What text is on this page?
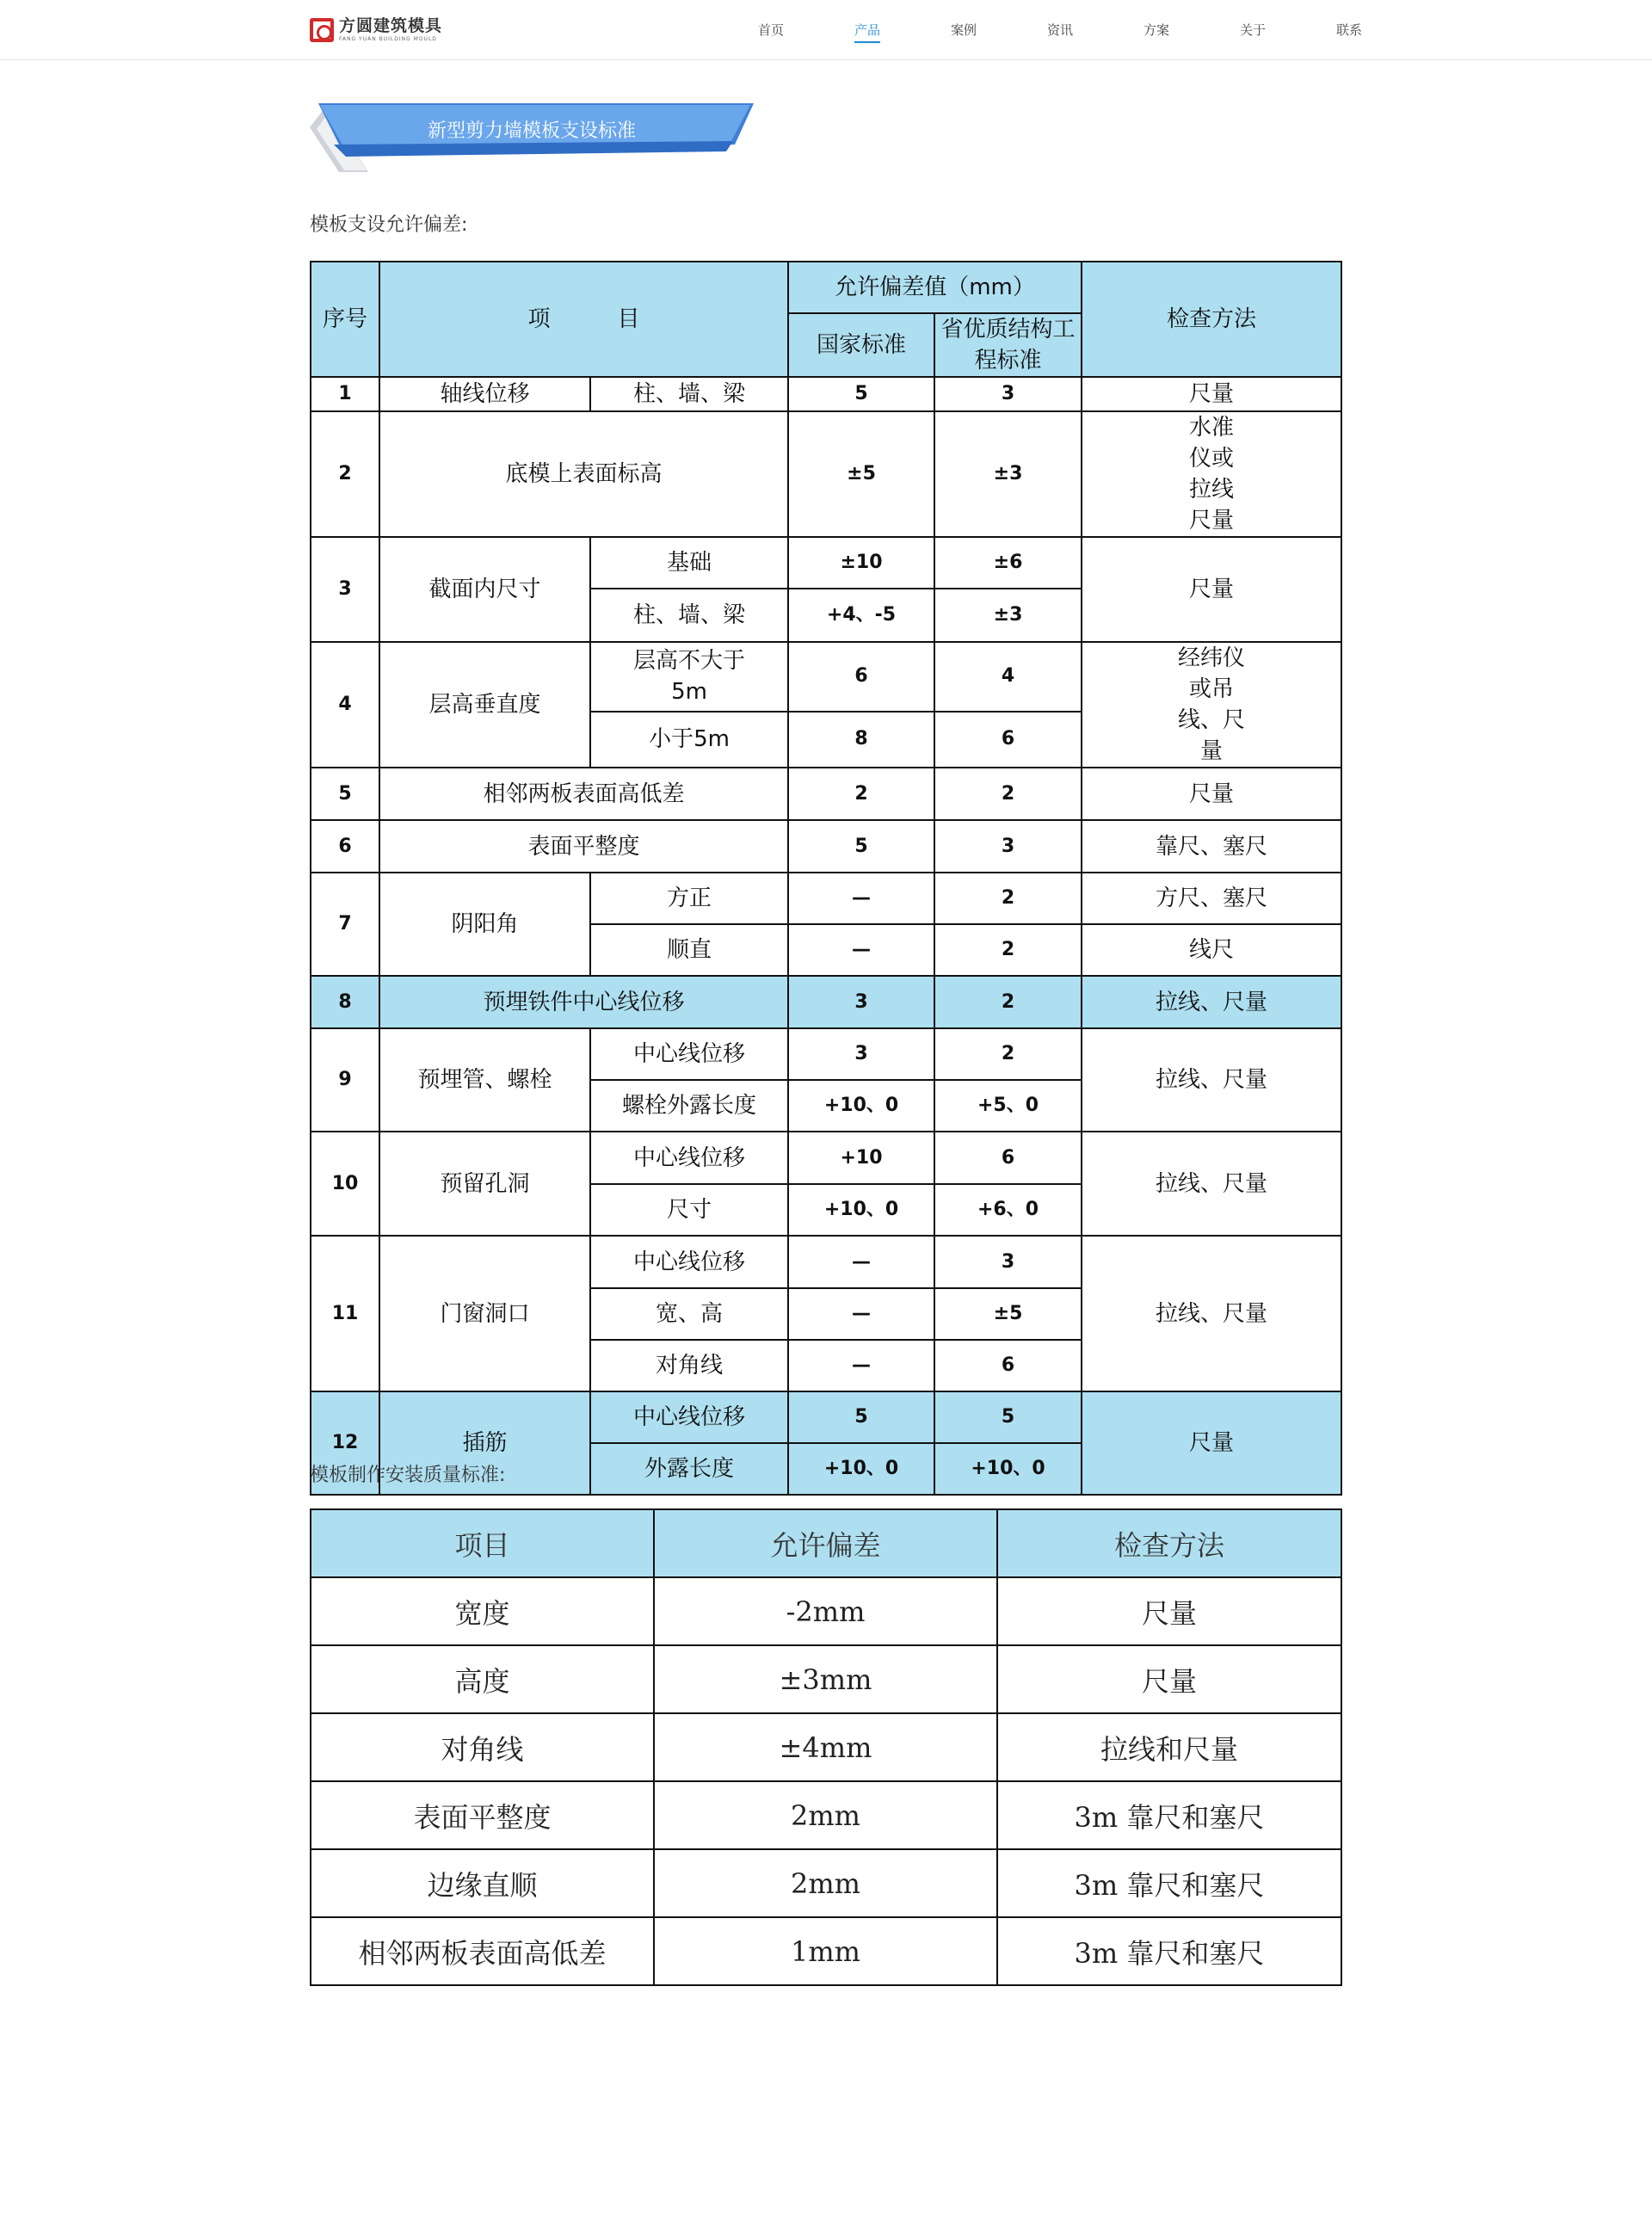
方圆建筑模具
FANG YUAN BUILDING MOULD
首页	产品	案例	资讯	方案	关于	联系
新型剪力墙模板支设标准
模板支设允许偏差:
序号	项　　　目		允许偏差值（mm）		检查方法
			国家标准	省优质结构工程标准	
1	轴线位移	柱、墙、梁	5	3	尺量
2	底模上表面标高		±5	±3	水准仪或拉线尺量
3	截面内尺寸	基础	±10	±6	尺量
		柱、墙、梁	+4、-5	±3	
4	层高垂直度	层高不大于5m	6	4	经纬仪或吊线、尺量
		小于5m	8	6	
5	相邻两板表面高低差		2	2	尺量
6	表面平整度		5	3	靠尺、塞尺
7	阴阳角	方正	—	2	方尺、塞尺
		顺直	—	2	线尺
8	预埋铁件中心线位移		3	2	拉线、尺量
9	预埋管、螺栓	中心线位移	3	2	拉线、尺量
		螺栓外露长度	+10、0	+5、0	
10	预留孔洞	中心线位移	+10	6	拉线、尺量
		尺寸	+10、0	+6、0	
11	门窗洞口	中心线位移	—	3	拉线、尺量
		宽、高	—	±5	
		对角线	—	6	
12	插筋	中心线位移	5	5	尺量
		外露长度	+10、0	+10、0	
模板制作安装质量标准:
项目	允许偏差	检查方法
宽度	-2mm	尺量
高度	±3mm	尺量
对角线	±4mm	拉线和尺量
表面平整度	2mm	3m 靠尺和塞尺
边缘直顺	2mm	3m 靠尺和塞尺
相邻两板表面高低差	1mm	3m 靠尺和塞尺
